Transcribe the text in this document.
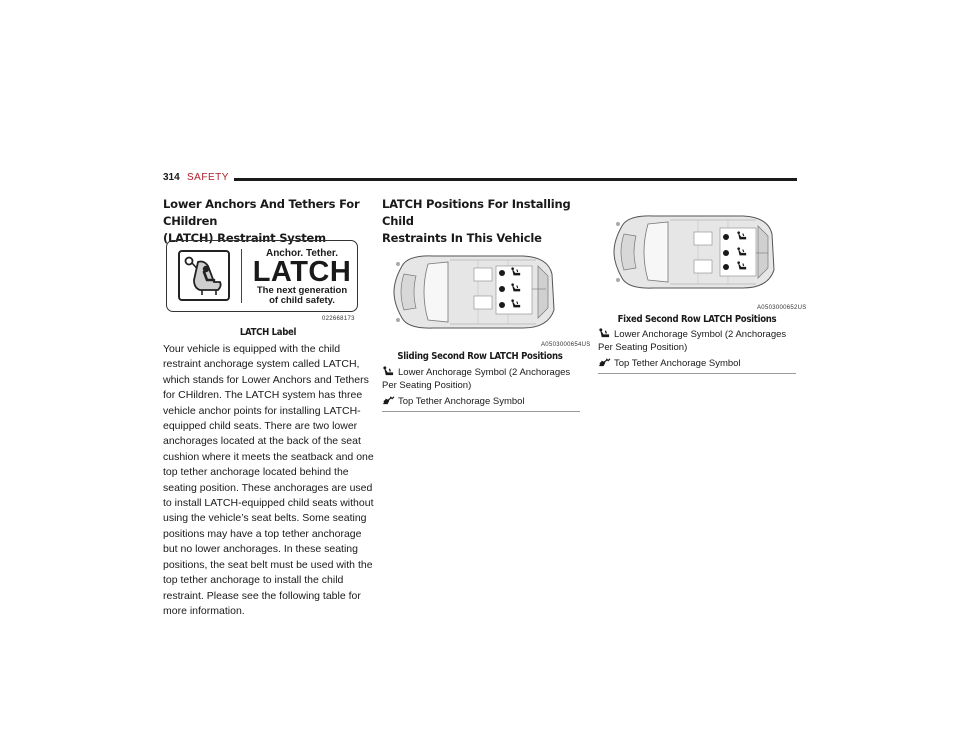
314 SAFETY

Lower Anchors And Tethers For CHildren

(LATCH) Restraint System

Anchor. Tether.
LATCH
The next generation
of child safety.
022668173
LATCH Label

Your vehicle is equipped with the child restraint anchorage system called LATCH, which stands for Lower Anchors and Tethers for CHildren. The LATCH system has three vehicle anchor points for installing LATCH-equipped child seats. There are two lower anchorages located at the back of the seat cushion where it meets the seatback and one top tether anchorage located behind the seating position. These anchorages are used to install LATCH-equipped child seats without using the vehicle’s seat belts. Some seating positions may have a top tether anchorage but no lower anchorages. In these seating positions, the seat belt must be used with the top tether anchorage to install the child restraint. Please see the following table for more information.

LATCH Positions For Installing Child

Restraints In This Vehicle

A0503000654US
Sliding Second Row LATCH Positions
Lower Anchorage Symbol (2 Anchorages Per Seating Position)
Top Tether Anchorage Symbol
A0503000652US
Fixed Second Row LATCH Positions
Lower Anchorage Symbol (2 Anchorages Per Seating Position)
Top Tether Anchorage Symbol
